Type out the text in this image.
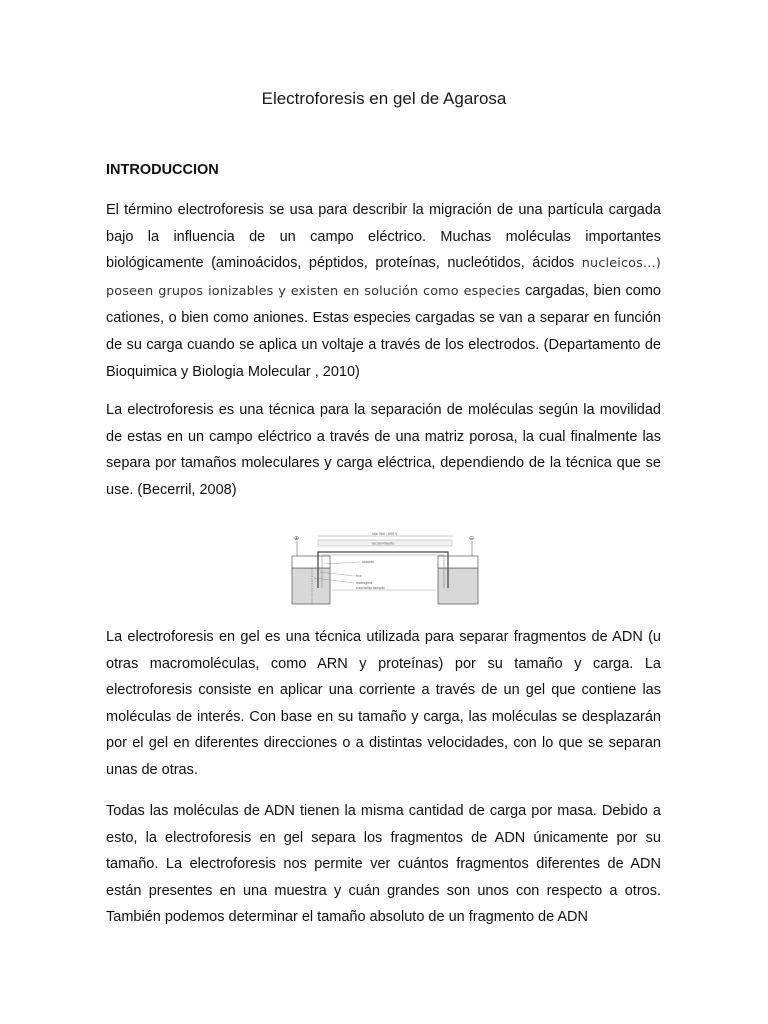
Electroforesis en gel de Agarosa
INTRODUCCION

El término electroforesis se usa para describir la migración de una partícula cargada bajo la influencia de un campo eléctrico. Muchas moléculas importantes biológicamente (aminoácidos, péptidos, proteínas, nucleótidos, ácidos nucleicos…) poseen grupos ionizables y existen en solución como especies cargadas, bien como cationes, o bien como aniones. Estas especies cargadas se van a separar en función de su carga cuando se aplica un voltaje a través de los electrodos. (Departamento de Bioquimica y Biologia Molecular , 2010)

La electroforesis es una técnica para la separación de moléculas según la movilidad de estas en un campo eléctrico a través de una matriz porosa, la cual finalmente las separa por tamaños moleculares y carga eléctrica, dependiendo de la técnica que se use. (Becerril, 2008)

⊕	⊖
stia 380 - 800 V
recubrimiento
soporte
tira
diafragma
electrolito tampón

La electroforesis en gel es una técnica utilizada para separar fragmentos de ADN (u otras macromoléculas, como ARN y proteínas) por su tamaño y carga. La electroforesis consiste en aplicar una corriente a través de un gel que contiene las moléculas de interés. Con base en su tamaño y carga, las moléculas se desplazarán por el gel en diferentes direcciones o a distintas velocidades, con lo que se separan unas de otras.

Todas las moléculas de ADN tienen la misma cantidad de carga por masa. Debido a esto, la electroforesis en gel separa los fragmentos de ADN únicamente por su tamaño. La electroforesis nos permite ver cuántos fragmentos diferentes de ADN están presentes en una muestra y cuán grandes son unos con respecto a otros. También podemos determinar el tamaño absoluto de un fragmento de ADN
